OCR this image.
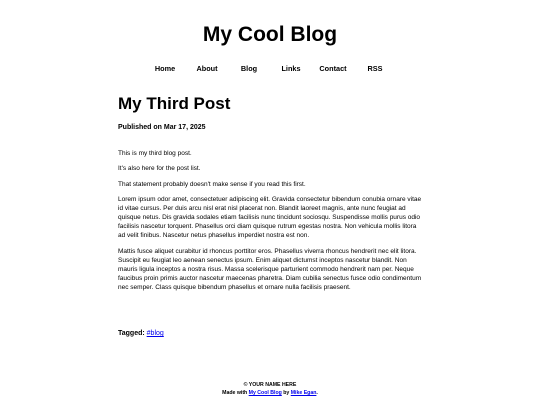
My Cool Blog
Home	About	Blog	Links	Contact	RSS
My Third Post
Published on Mar 17, 2025

This is my third blog post.

It's also here for the post list.

That statement probably doesn't make sense if you read this first.

Lorem ipsum odor amet, consectetuer adipiscing elit. Gravida consectetur bibendum conubia ornare vitae id vitae cursus. Per duis arcu nisl erat nisl placerat non. Blandit laoreet magnis, ante nunc feugiat ad quisque netus. Dis gravida sodales etiam facilisis nunc tincidunt sociosqu. Suspendisse mollis purus odio facilisis nascetur torquent. Phasellus orci diam quisque rutrum egestas nostra. Non vehicula mollis litora ad velit finibus. Nascetur netus phasellus imperdiet nostra est non.

Mattis fusce aliquet curabitur id rhoncus porttitor eros. Phasellus viverra rhoncus hendrerit nec elit litora. Suscipit eu feugiat leo aenean senectus ipsum. Enim aliquet dictumst inceptos nascetur blandit. Non mauris ligula inceptos a nostra risus. Massa scelerisque parturient commodo hendrerit nam per. Neque faucibus proin primis auctor nascetur maecenas pharetra. Diam cubilia senectus fusce odio condimentum nec semper. Class quisque bibendum phasellus et ornare nulla facilisis praesent.

Tagged: #blog
© YOUR NAME HERE
Made with My Cool Blog by Mike Egan.
